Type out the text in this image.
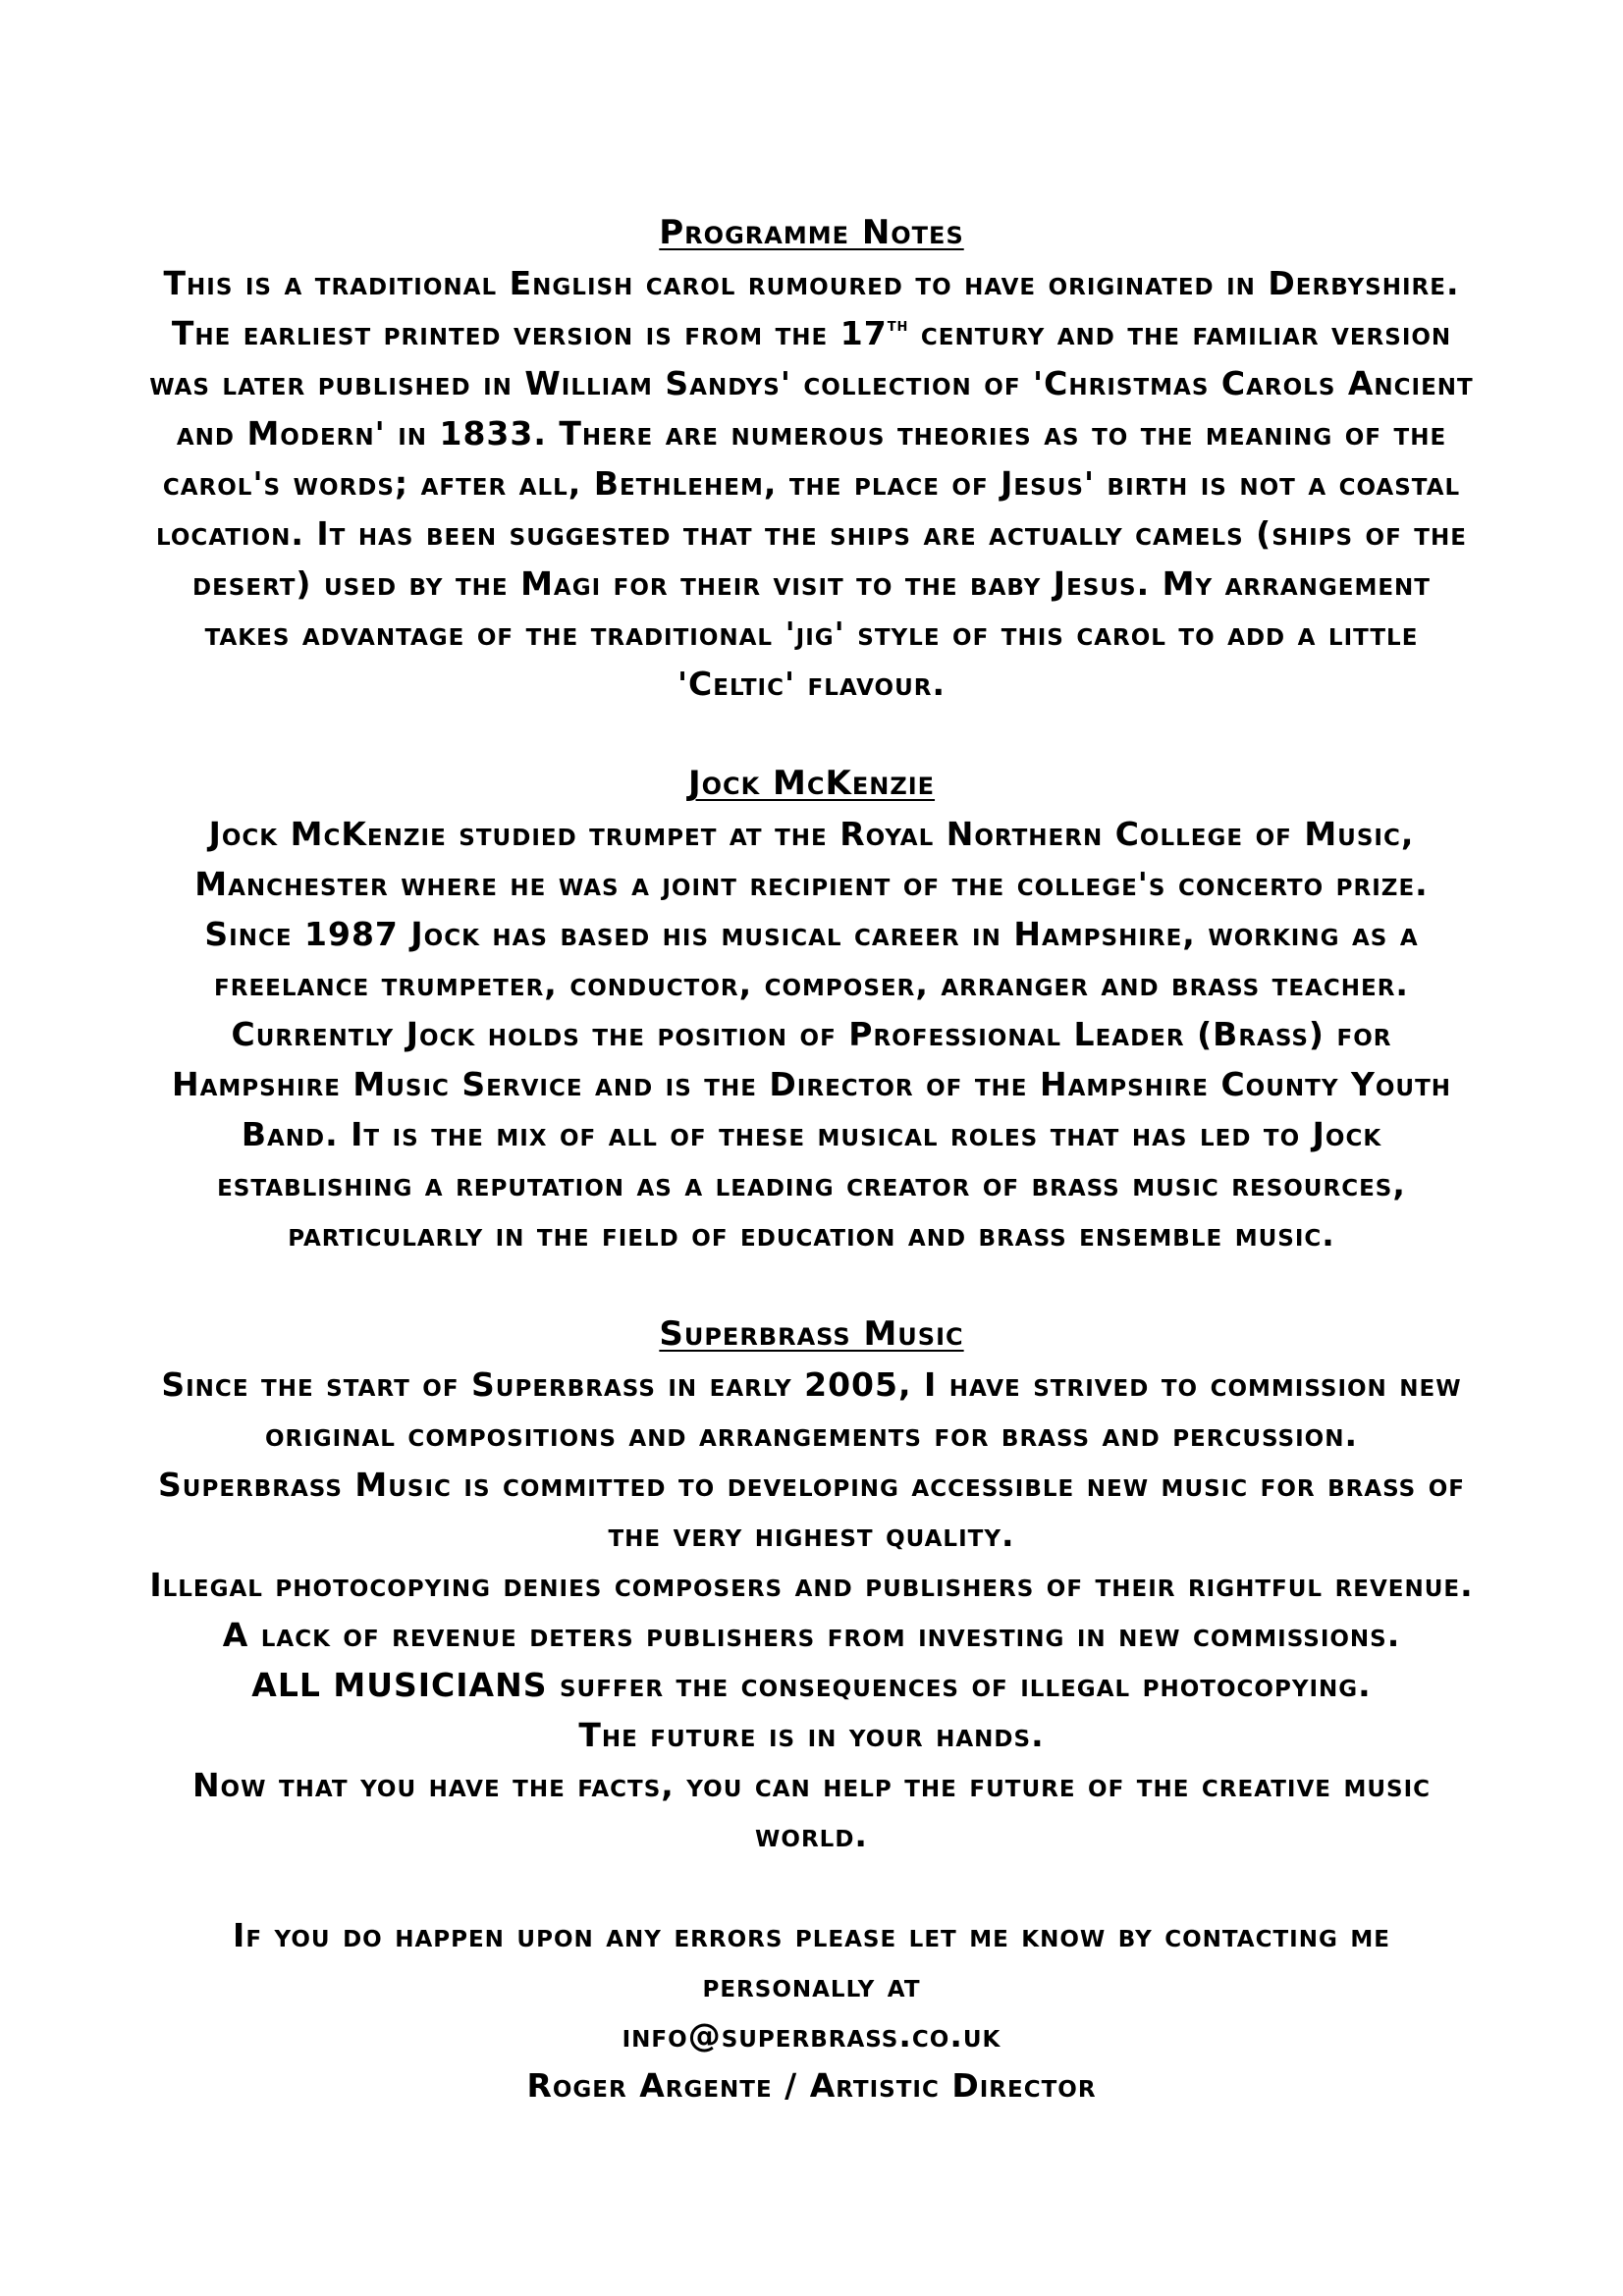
Programme Notes

This is a traditional English carol rumoured to have originated in Derbyshire. The earliest printed version is from the 17th century and the familiar version was later published in William Sandys' collection of 'Christmas Carols Ancient and Modern' in 1833. There are numerous theories as to the meaning of the carol's words; after all, Bethlehem, the place of Jesus' birth is not a coastal location. It has been suggested that the ships are actually camels (ships of the desert) used by the Magi for their visit to the baby Jesus. My arrangement takes advantage of the traditional 'jig' style of this carol to add a little 'Celtic' flavour.

Jock McKenzie

Jock McKenzie studied trumpet at the Royal Northern College of Music, Manchester where he was a joint recipient of the college's concerto prize. Since 1987 Jock has based his musical career in Hampshire, working as a freelance trumpeter, conductor, composer, arranger and brass teacher. Currently Jock holds the position of Professional Leader (Brass) for Hampshire Music Service and is the Director of the Hampshire County Youth Band. It is the mix of all of these musical roles that has led to Jock establishing a reputation as a leading creator of brass music resources, particularly in the field of education and brass ensemble music.

Superbrass Music

Since the start of Superbrass in early 2005, I have strived to commission new original compositions and arrangements for brass and percussion.

Superbrass Music is committed to developing accessible new music for brass of the very highest quality.

Illegal photocopying denies composers and publishers of their rightful revenue.
A lack of revenue deters publishers from investing in new commissions.
ALL MUSICIANS suffer the consequences of illegal photocopying.
The future is in your hands.
Now that you have the facts, you can help the future of the creative music world.
If you do happen upon any errors please let me know by contacting me personally at
info@superbrass.co.uk
Roger Argente / Artistic Director
